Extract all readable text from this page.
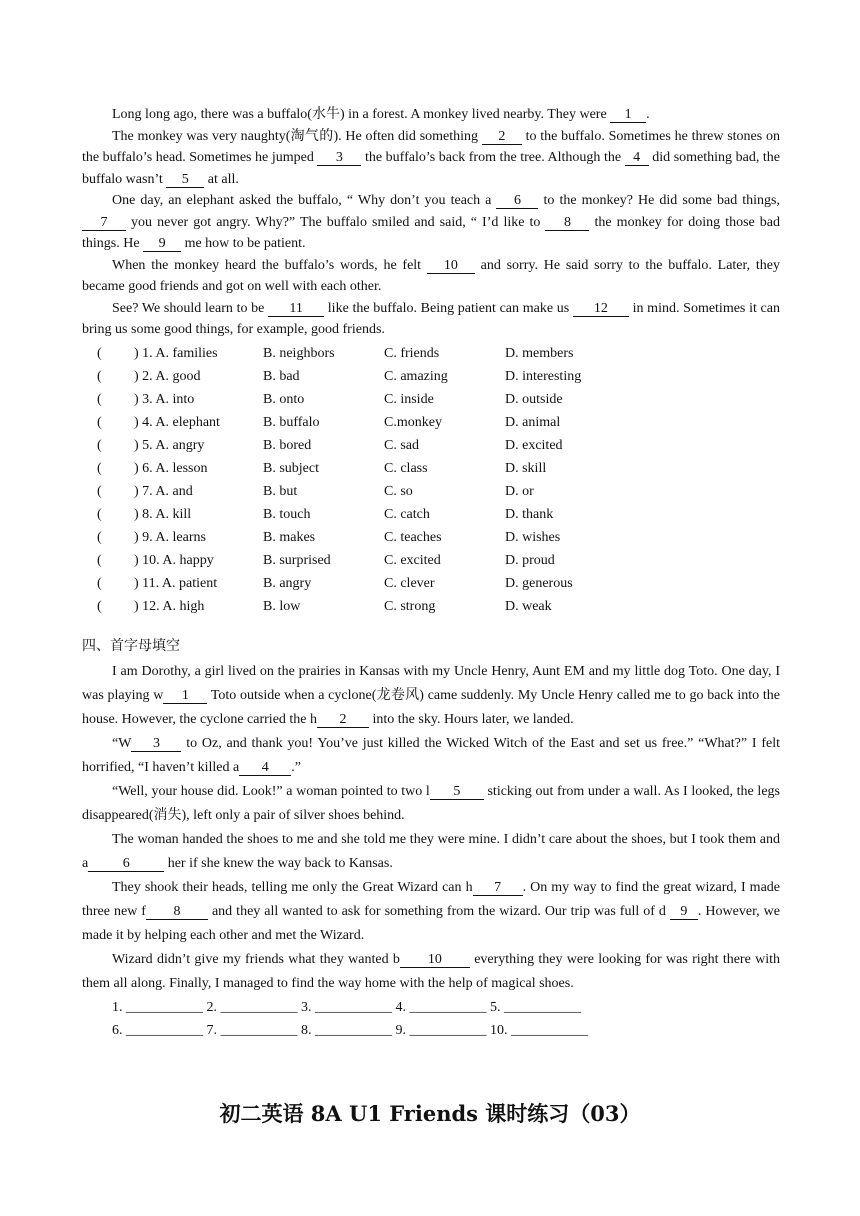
Long long ago, there was a buffalo(水牛) in a forest. A monkey lived nearby. They were 1 .

The monkey was very naughty(淘气的). He often did something 2 to the buffalo. Sometimes he threw stones on the buffalo’s head. Sometimes he jumped 3 the buffalo’s back from the tree. Although the 4 did something bad, the buffalo wasn’t 5 at all.

One day, an elephant asked the buffalo, “ Why don’t you teach a 6 to the monkey? He did some bad things, 7 you never got angry. Why?” The buffalo smiled and said, “ I’d like to 8 the monkey for doing those bad things. He 9 me how to be patient.

When the monkey heard the buffalo’s words, he felt 10 and sorry. He said sorry to the buffalo. Later, they became good friends and got on well with each other.

See? We should learn to be 11 like the buffalo. Being patient can make us 12 in mind. Sometimes it can bring us some good things, for example, good friends.

(	) 1. A. families	B. neighbors	C. friends	D. members
(	) 2. A. good	B. bad	C. amazing	D. interesting
(	) 3. A. into	B. onto	C. inside	D. outside
(	) 4. A. elephant	B. buffalo	C.monkey	D. animal
(	) 5. A. angry	B. bored	C. sad	D. excited
(	) 6. A. lesson	B. subject	C. class	D. skill
(	) 7. A. and	B. but	C. so	D. or
(	) 8. A. kill	B. touch	C. catch	D. thank
(	) 9. A. learns	B. makes	C. teaches	D. wishes
(	) 10. A. happy	B. surprised	C. excited	D. proud
(	) 11. A. patient	B. angry	C. clever	D. generous
(	) 12. A. high	B. low	C. strong	D. weak
四、首字母填空

I am Dorothy, a girl lived on the prairies in Kansas with my Uncle Henry, Aunt EM and my little dog Toto. One day, I was playing w 1 Toto outside when a cyclone(龙卷风) came suddenly. My Uncle Henry called me to go back into the house. However, the cyclone carried the h 2 into the sky. Hours later, we landed.

“W 3 to Oz, and thank you! You’ve just killed the Wicked Witch of the East and set us free.” “What?” I felt horrified, “I haven’t killed a 4 .”

“Well, your house did. Look!” a woman pointed to two l 5 sticking out from under a wall. As I looked, the legs disappeared(消失), left only a pair of silver shoes behind.

The woman handed the shoes to me and she told me they were mine. I didn’t care about the shoes, but I took them and a 6 her if she knew the way back to Kansas.

They shook their heads, telling me only the Great Wizard can h 7 . On my way to find the great wizard, I made three new f 8 and they all wanted to ask for something from the wizard. Our trip was full of d 9 . However, we made it by helping each other and met the Wizard.

Wizard didn’t give my friends what they wanted b 10 everything they were looking for was right there with them all along. Finally, I managed to find the way home with the help of magical shoes.

1. ___________ 2. ___________ 3. ___________ 4. ___________ 5. ___________
6. ___________ 7. ___________ 8. ___________ 9. ___________ 10. ___________
初二英语 8A U1 Friends 课时练习（03）
